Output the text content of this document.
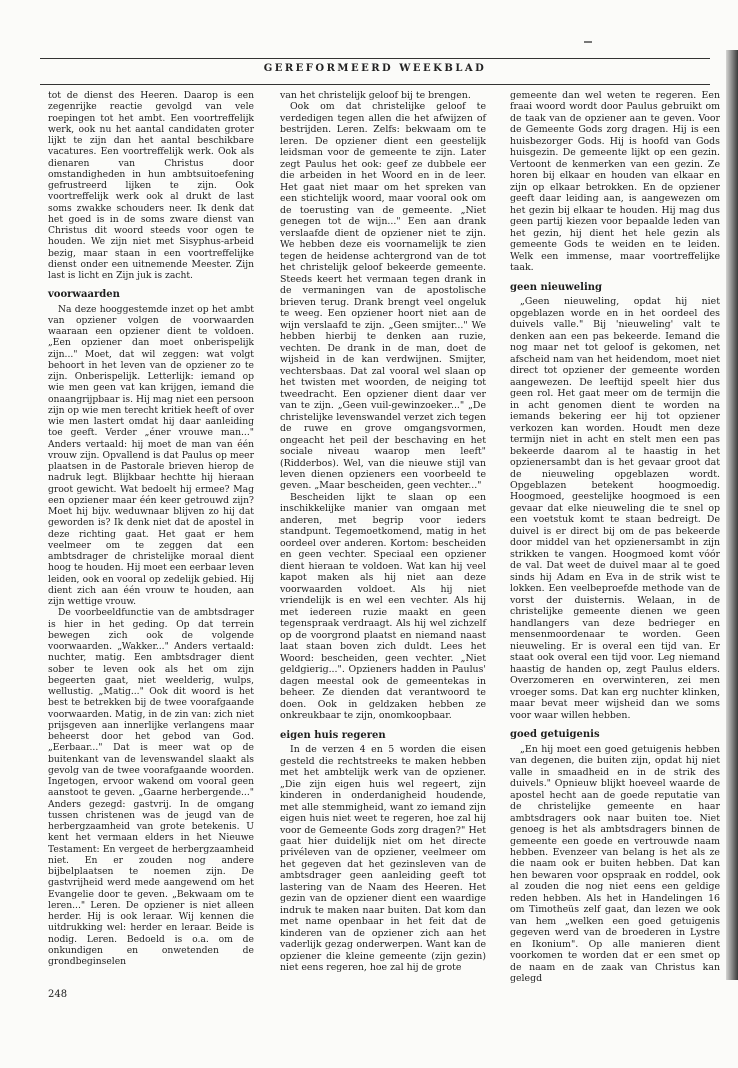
GEREFORMEERD WEEKBLAD

tot de dienst des Heeren. Daarop is een zegenrijke reactie gevolgd van vele roepingen tot het ambt. Een voortreffelijk werk, ook nu het aantal candidaten groter lijkt te zijn dan het aantal beschikbare vacatures. Een voortreffelijk werk. Ook als dienaren van Christus door omstandigheden in hun ambtsuitoefening gefrustreerd lijken te zijn. Ook voortreffelijk werk ook al drukt de last soms zwakke schouders neer. Ik denk dat het goed is in de soms zware dienst van Christus dit woord steeds voor ogen te houden. We zijn niet met Sisyphus-arbeid bezig, maar staan in een voortreffelijke dienst onder een uitnemende Meester. Zijn last is licht en Zijn juk is zacht.

voorwaarden

Na deze hooggestemde inzet op het ambt van opziener volgen de voorwaarden waaraan een opziener dient te voldoen. „Een opziener dan moet onberispelijk zijn..." Moet, dat wil zeggen: wat volgt behoort in het leven van de opziener zo te zijn. Onberispelijk. Letterlijk: iemand op wie men geen vat kan krijgen, iemand die onaangrijpbaar is. Hij mag niet een persoon zijn op wie men terecht kritiek heeft of over wie men lastert omdat hij daar aanleiding toe geeft. Verder „éner vrouwe man..." Anders vertaald: hij moet de man van één vrouw zijn. Opvallend is dat Paulus op meer plaatsen in de Pastorale brieven hierop de nadruk legt. Blijkbaar hechtte hij hieraan groot gewicht. Wat bedoelt hij ermee? Mag een opziener maar één keer getrouwd zijn? Moet hij bijv. weduwnaar blijven zo hij dat geworden is? Ik denk niet dat de apostel in deze richting gaat. Het gaat er hem veelmeer om te zeggen dat een ambtsdrager de christelijke moraal dient hoog te houden. Hij moet een eerbaar leven leiden, ook en vooral op zedelijk gebied. Hij dient zich aan één vrouw te houden, aan zijn wettige vrouw.

De voorbeeldfunctie van de ambtsdrager is hier in het geding. Op dat terrein bewegen zich ook de volgende voorwaarden. „Wakker..." Anders vertaald: nuchter, matig. Een ambtsdrager dient sober te leven ook als het om zijn begeerten gaat, niet weelderig, wulps, wellustig. „Matig..." Ook dit woord is het best te betrekken bij de twee voorafgaande voorwaarden. Matig, in de zin van: zich niet prijsgeven aan innerlijke verlangens maar beheerst door het gebod van God. „Eerbaar..." Dat is meer wat op de buitenkant van de levenswandel slaakt als gevolg van de twee voorafgaande woorden. Ingetogen, ervoor wakend om vooral geen aanstoot te geven. „Gaarne herbergende..." Anders gezegd: gastvrij. In de omgang tussen christenen was de jeugd van de herbergzaamheid van grote betekenis. U kent het vermaan elders in het Nieuwe Testament: En vergeet de herbergzaamheid niet. En er zouden nog andere bijbelplaatsen te noemen zijn. De gastvrijheid werd mede aangewend om het Evangelie door te geven. „Bekwaam om te leren..." Leren. De opziener is niet alleen herder. Hij is ook leraar. Wij kennen die uitdrukking wel: herder en leraar. Beide is nodig. Leren. Bedoeld is o.a. om de onkundigen en onwetenden de grondbeginselen

van het christelijk geloof bij te brengen.

Ook om dat christelijke geloof te verdedigen tegen allen die het afwijzen of bestrijden. Leren. Zelfs: bekwaam om te leren. De opziener dient een geestelijk leidsman voor de gemeente te zijn. Later zegt Paulus het ook: geef ze dubbele eer die arbeiden in het Woord en in de leer. Het gaat niet maar om het spreken van een stichtelijk woord, maar vooral ook om de toerusting van de gemeente. „Niet genegen tot de wijn..." Een aan drank verslaafde dient de opziener niet te zijn. We hebben deze eis voornamelijk te zien tegen de heidense achtergrond van de tot het christelijk geloof bekeerde gemeente. Steeds keert het vermaan tegen drank in de vermaningen van de apostolische brieven terug. Drank brengt veel ongeluk te weeg. Een opziener hoort niet aan de wijn verslaafd te zijn. „Geen smijter..." We hebben hierbij te denken aan ruzie, vechten. De drank in de man, doet de wijsheid in de kan verdwijnen. Smijter, vechtersbaas. Dat zal vooral wel slaan op het twisten met woorden, de neiging tot tweedracht. Een opziener dient daar ver van te zijn. „Geen vuil-gewinzoeker..." „De christelijke levenswandel verzet zich tegen de ruwe en grove omgangsvormen, ongeacht het peil der beschaving en het sociale niveau waarop men leeft" (Ridderbos). Wel, van die nieuwe stijl van leven dienen opzieners een voorbeeld te geven. „Maar bescheiden, geen vechter..."

Bescheiden lijkt te slaan op een inschikkelijke manier van omgaan met anderen, met begrip voor ieders standpunt. Tegemoetkomend, matig in het oordeel over anderen. Kortom: bescheiden en geen vechter. Speciaal een opziener dient hieraan te voldoen. Wat kan hij veel kapot maken als hij niet aan deze voorwaarden voldoet. Als hij niet vriendelijk is en wel een vechter. Als hij met iedereen ruzie maakt en geen tegenspraak verdraagt. Als hij wel zichzelf op de voorgrond plaatst en niemand naast laat staan boven zich duldt. Lees het Woord: bescheiden, geen vechter. „Niet geldgierig...". Opzieners hadden in Paulus' dagen meestal ook de gemeentekas in beheer. Ze dienden dat verantwoord te doen. Ook in geldzaken hebben ze onkreukbaar te zijn, onomkoopbaar.

eigen huis regeren

In de verzen 4 en 5 worden die eisen gesteld die rechtstreeks te maken hebben met het ambtelijk werk van de opziener. „Die zijn eigen huis wel regeert, zijn kinderen in onderdanigheid houdende, met alle stemmigheid, want zo iemand zijn eigen huis niet weet te regeren, hoe zal hij voor de Gemeente Gods zorg dragen?" Het gaat hier duidelijk niet om het directe privéleven van de opziener, veelmeer om het gegeven dat het gezinsleven van de ambtsdrager geen aanleiding geeft tot lastering van de Naam des Heeren. Het gezin van de opziener dient een waardige indruk te maken naar buiten. Dat kom dan met name openbaar in het feit dat de kinderen van de opziener zich aan het vaderlijk gezag onderwerpen. Want kan de opziener die kleine gemeente (zijn gezin) niet eens regeren, hoe zal hij de grote

gemeente dan wel weten te regeren. Een fraai woord wordt door Paulus gebruikt om de taak van de opziener aan te geven. Voor de Gemeente Gods zorg dragen. Hij is een huisbezorger Gods. Hij is hoofd van Gods huisgezin. De gemeente lijkt op een gezin. Vertoont de kenmerken van een gezin. Ze horen bij elkaar en houden van elkaar en zijn op elkaar betrokken. En de opziener geeft daar leiding aan, is aangewezen om het gezin bij elkaar te houden. Hij mag dus geen partij kiezen voor bepaalde leden van het gezin, hij dient het hele gezin als gemeente Gods te weiden en te leiden. Welk een immense, maar voortreffelijke taak.

geen nieuweling

„Geen nieuweling, opdat hij niet opgeblazen worde en in het oordeel des duivels valle." Bij 'nieuweling' valt te denken aan een pas bekeerde. Iemand die nog maar net tot geloof is gekomen, net afscheid nam van het heidendom, moet niet direct tot opziener der gemeente worden aangewezen. De leeftijd speelt hier dus geen rol. Het gaat meer om de termijn die in acht genomen dient te worden na iemands bekering eer hij tot opziener verkozen kan worden. Houdt men deze termijn niet in acht en stelt men een pas bekeerde daarom al te haastig in het opzienersambt dan is het gevaar groot dat de nieuweling opgeblazen wordt. Opgeblazen betekent hoogmoedig. Hoogmoed, geestelijke hoogmoed is een gevaar dat elke nieuweling die te snel op een voetstuk komt te staan bedreigt. De duivel is er direct bij om de pas bekeerde door middel van het opzienersambt in zijn strikken te vangen. Hoogmoed komt vóór de val. Dat weet de duivel maar al te goed sinds hij Adam en Eva in de strik wist te lokken. Een veelbeproefde methode van de vorst der duisternis. Welaan, in de christelijke gemeente dienen we geen handlangers van deze bedrieger en mensenmoordenaar te worden. Geen nieuweling. Er is overal een tijd van. Er staat ook overal een tijd voor. Leg niemand haastig de handen op, zegt Paulus elders. Overzomeren en overwinteren, zei men vroeger soms. Dat kan erg nuchter klinken, maar bevat meer wijsheid dan we soms voor waar willen hebben.

goed getuigenis

„En hij moet een goed getuigenis hebben van degenen, die buiten zijn, opdat hij niet valle in smaadheid en in de strik des duivels." Opnieuw blijkt hoeveel waarde de apostel hecht aan de goede reputatie van de christelijke gemeente en haar ambtsdragers ook naar buiten toe. Niet genoeg is het als ambtsdragers binnen de gemeente een goede en vertrouwde naam hebben. Evenzeer van belang is het als ze die naam ook er buiten hebben. Dat kan hen bewaren voor opspraak en roddel, ook al zouden die nog niet eens een geldige reden hebben. Als het in Handelingen 16 om Timotheüs zelf gaat, dan lezen we ook van hem „welken een goed getuigenis gegeven werd van de broederen in Lystre en Ikonium". Op alle manieren dient voorkomen te worden dat er een smet op de naam en de zaak van Christus kan gelegd

248
